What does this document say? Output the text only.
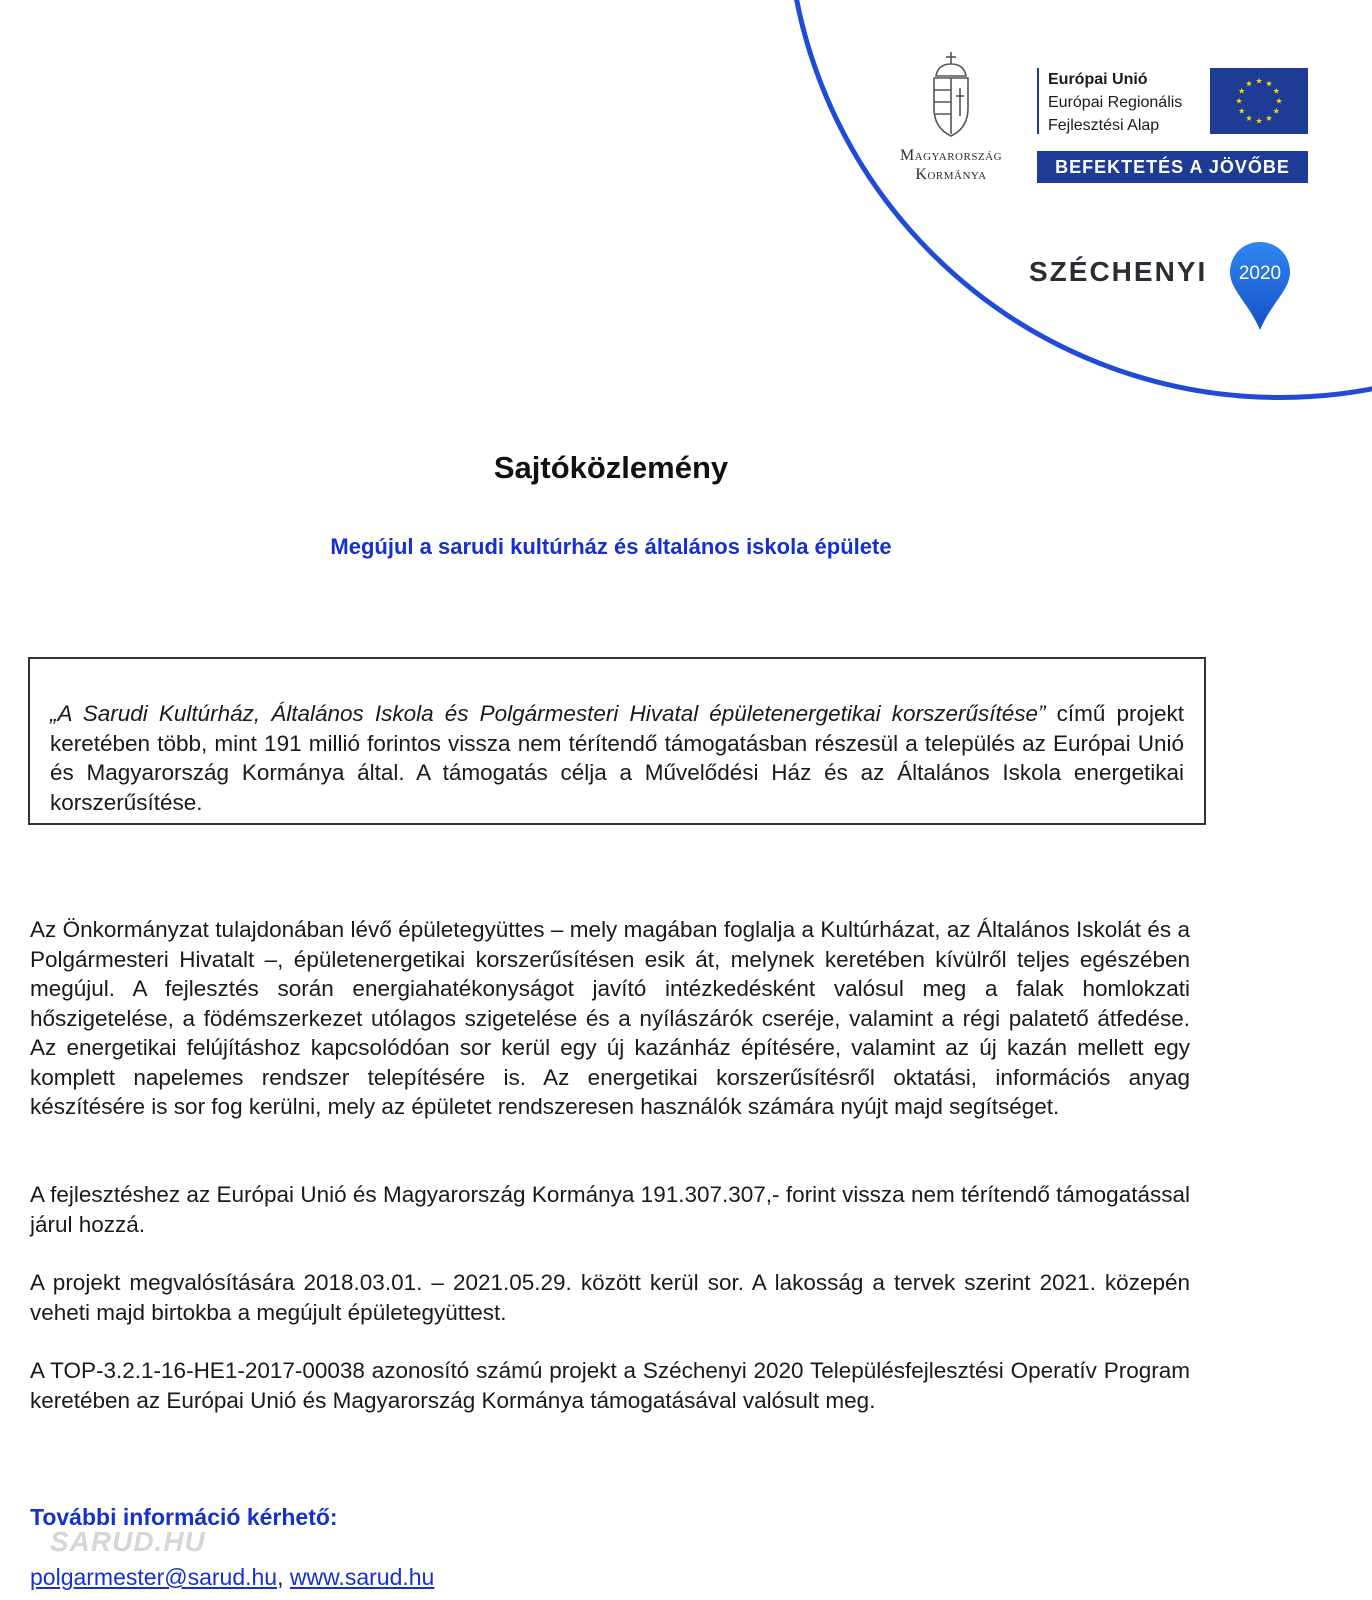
Magyarország
Kormánya
Európai Unió
Európai Regionális
Fejlesztési Alap
BEFEKTETÉS A JÖVŐBE
SZÉCHENYI 2020
Sajtóközlemény
Megújul a sarudi kultúrház és általános iskola épülete
„A Sarudi Kultúrház, Általános Iskola és Polgármesteri Hivatal épületenergetikai korszerűsítése” című projekt keretében több, mint 191 millió forintos vissza nem térítendő támogatásban részesül a település az Európai Unió és Magyarország Kormánya által. A támogatás célja a Művelődési Ház és az Általános Iskola energetikai korszerűsítése.

Az Önkormányzat tulajdonában lévő épületegyüttes – mely magában foglalja a Kultúrházat, az Általános Iskolát és a Polgármesteri Hivatalt –, épületenergetikai korszerűsítésen esik át, melynek keretében kívülről teljes egészében megújul. A fejlesztés során energiahatékonyságot javító intézkedésként valósul meg a falak homlokzati hőszigetelése, a födémszerkezet utólagos szigetelése és a nyílászárók cseréje, valamint a régi palatető átfedése. Az energetikai felújításhoz kapcsolódóan sor kerül egy új kazánház építésére, valamint az új kazán mellett egy komplett napelemes rendszer telepítésére is. Az energetikai korszerűsítésről oktatási, információs anyag készítésére is sor fog kerülni, mely az épületet rendszeresen használók számára nyújt majd segítséget.

A fejlesztéshez az Európai Unió és Magyarország Kormánya 191.307.307,- forint vissza nem térítendő támogatással járul hozzá.

A projekt megvalósítására 2018.03.01. – 2021.05.29. között kerül sor. A lakosság a tervek szerint 2021. közepén veheti majd birtokba a megújult épületegyüttest.

A TOP-3.2.1-16-HE1-2017-00038 azonosító számú projekt a Széchenyi 2020 Településfejlesztési Operatív Program keretében az Európai Unió és Magyarország Kormánya támogatásával valósult meg.

További információ kérhető:
SARUD.HU
polgarmester@sarud.hu, www.sarud.hu
